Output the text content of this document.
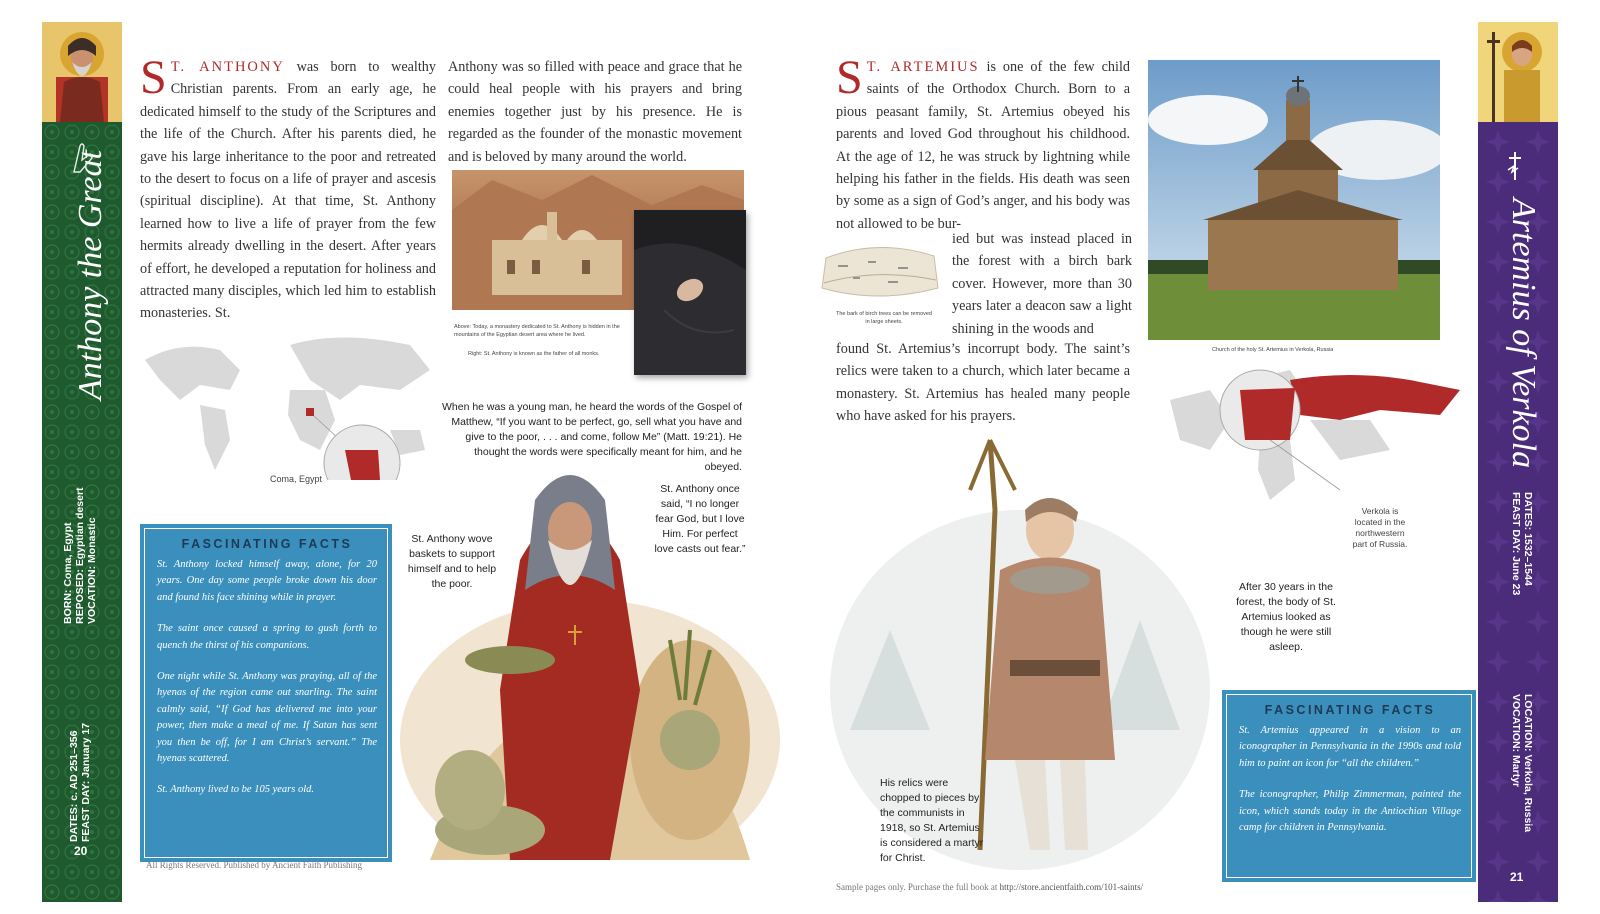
Anthony the Great
BORN: Coma, Egypt REPOSED: Egyptian desert VOCATION: Monastic
DATES: c. AD 251–356 FEAST DAY: January 17
20
Artemius of Verkola
DATES: 1532–1544
FEAST DAY: June 23
LOCATION: Verkola, Russia
VOCATION: Martyr
21
S T. ANTHONY was born to wealthy Christian parents. From an early age, he dedicated himself to the study of the Scriptures and the life of the Church. After his parents died, he gave his large inheritance to the poor and retreated to the desert to focus on a life of prayer and ascesis (spiritual discipline). At that time, St. Anthony learned how to live a life of prayer from the few hermits already dwelling in the desert. After years of effort, he developed a reputation for holiness and attracted many disciples, which led him to establish monasteries. St.
Anthony was so filled with peace and grace that he could heal people with his prayers and bring enemies together just by his presence. He is regarded as the founder of the monastic movement and is beloved by many around the world.
Above: Today, a monastery dedicated to St. Anthony is hidden in the mountains of the Egyptian desert area where he lived.
Right: St. Anthony is known as the father of all monks.
Coma, Egypt
When he was a young man, he heard the words of the Gospel of Matthew, “If you want to be perfect, go, sell what you have and give to the poor, . . . and come, follow Me” (Matt. 19:21). He thought the words were specifically meant for him, and he obeyed.
St. Anthony wove baskets to support himself and to help the poor.
St. Anthony once said, “I no longer fear God, but I love Him. For perfect love casts out fear.”
FASCINATING FACTS

St. Anthony locked himself away, alone, for 20 years. One day some people broke down his door and found his face shining while in prayer.

The saint once caused a spring to gush forth to quench the thirst of his companions.

One night while St. Anthony was praying, all of the hyenas of the region came out snarling. The saint calmly said, “If God has delivered me into your power, then make a meal of me. If Satan has sent you then be off, for I am Christ’s servant.” The hyenas scattered.

St. Anthony lived to be 105 years old.

All Rights Reserved. Published by Ancient Faith Publishing
S T. ARTEMIUS is one of the few child saints of the Orthodox Church. Born to a pious peasant family, St. Artemius obeyed his parents and loved God throughout his childhood. At the age of 12, he was struck by lightning while helping his father in the fields. His death was seen by some as a sign of God’s anger, and his body was not allowed to be bur-
ied but was instead placed in the forest with a birch bark cover. However, more than 30 years later a deacon saw a light shining in the woods and
found St. Artemius’s incorrupt body. The saint’s relics were taken to a church, which later became a monastery. St. Artemius has healed many people who have asked for his prayers.
The bark of birch trees can be removed in large sheets.
Church of the holy St. Artemius in Verkola, Russia
Verkola is located in the northwestern part of Russia.
After 30 years in the forest, the body of St. Artemius looked as though he were still asleep.
His relics were chopped to pieces by the communists in 1918, so St. Artemius is considered a martyr for Christ.
FASCINATING FACTS

St. Artemius appeared in a vision to an iconographer in Pennsylvania in the 1990s and told him to paint an icon for “all the children.”

The iconographer, Philip Zimmerman, painted the icon, which stands today in the Antiochian Village camp for children in Pennsylvania.

Sample pages only. Purchase the full book at http://store.ancientfaith.com/101-saints/
